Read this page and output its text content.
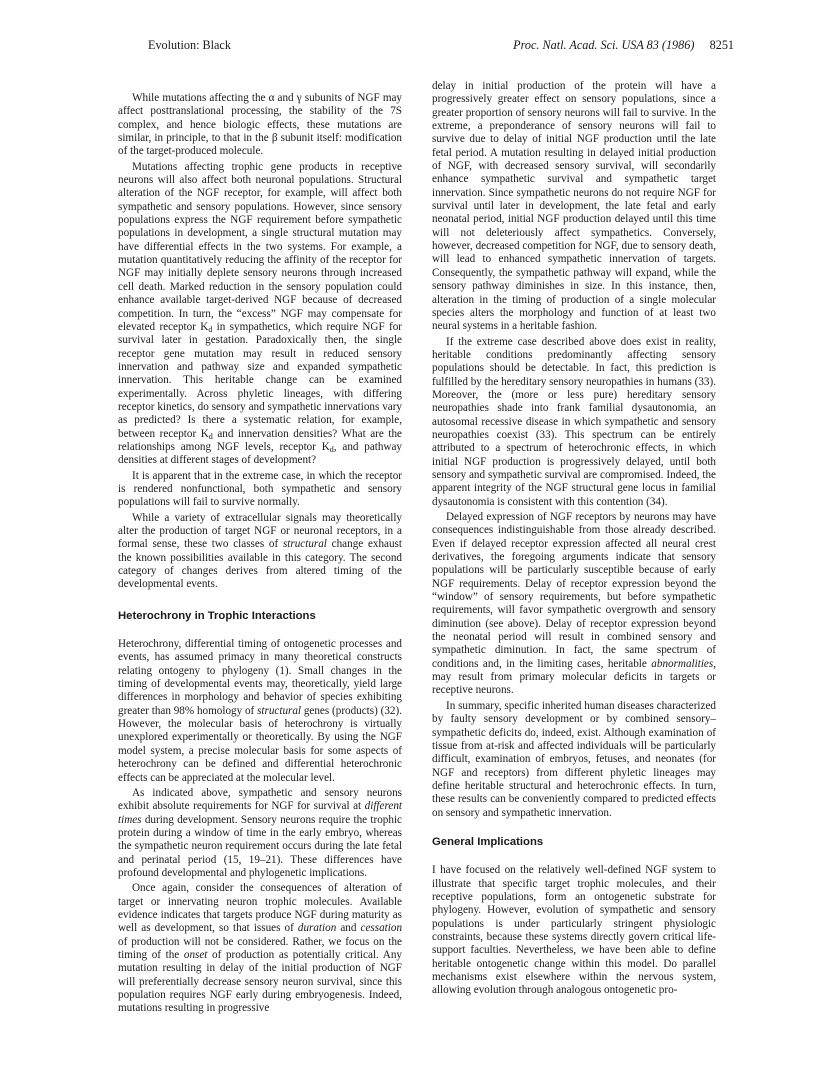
Evolution: Black	Proc. Natl. Acad. Sci. USA 83 (1986) 8251

While mutations affecting the α and γ subunits of NGF may affect posttranslational processing, the stability of the 7S complex, and hence biologic effects, these mutations are similar, in principle, to that in the β subunit itself: modification of the target-produced molecule.

Mutations affecting trophic gene products in receptive neurons will also affect both neuronal populations. Structural alteration of the NGF receptor, for example, will affect both sympathetic and sensory populations. However, since sensory populations express the NGF requirement before sympathetic populations in development, a single structural mutation may have differential effects in the two systems. For example, a mutation quantitatively reducing the affinity of the receptor for NGF may initially deplete sensory neurons through increased cell death. Marked reduction in the sensory population could enhance available target-derived NGF because of decreased competition. In turn, the “excess” NGF may compensate for elevated receptor $K_d$ in sympathetics, which require NGF for survival later in gestation. Paradoxically then, the single receptor gene mutation may result in reduced sensory innervation and pathway size and expanded sympathetic innervation. This heritable change can be examined experimentally. Across phyletic lineages, with differing receptor kinetics, do sensory and sympathetic innervations vary as predicted? Is there a systematic relation, for example, between receptor $K_d$ and innervation densities? What are the relationships among NGF levels, receptor $K_d$, and pathway densities at different stages of development?

It is apparent that in the extreme case, in which the receptor is rendered nonfunctional, both sympathetic and sensory populations will fail to survive normally.

While a variety of extracellular signals may theoretically alter the production of target NGF or neuronal receptors, in a formal sense, these two classes of structural change exhaust the known possibilities available in this category. The second category of changes derives from altered timing of the developmental events.

Heterochrony in Trophic Interactions

Heterochrony, differential timing of ontogenetic processes and events, has assumed primacy in many theoretical constructs relating ontogeny to phylogeny (1). Small changes in the timing of developmental events may, theoretically, yield large differences in morphology and behavior of species exhibiting greater than 98% homology of structural genes (products) (32). However, the molecular basis of heterochrony is virtually unexplored experimentally or theoretically. By using the NGF model system, a precise molecular basis for some aspects of heterochrony can be defined and differential heterochronic effects can be appreciated at the molecular level.

As indicated above, sympathetic and sensory neurons exhibit absolute requirements for NGF for survival at different times during development. Sensory neurons require the trophic protein during a window of time in the early embryo, whereas the sympathetic neuron requirement occurs during the late fetal and perinatal period (15, 19–21). These differences have profound developmental and phylogenetic implications.

Once again, consider the consequences of alteration of target or innervating neuron trophic molecules. Available evidence indicates that targets produce NGF during maturity as well as development, so that issues of duration and cessation of production will not be considered. Rather, we focus on the timing of the onset of production as potentially critical. Any mutation resulting in delay of the initial production of NGF will preferentially decrease sensory neuron survival, since this population requires NGF early during embryogenesis. Indeed, mutations resulting in progressive

delay in initial production of the protein will have a progressively greater effect on sensory populations, since a greater proportion of sensory neurons will fail to survive. In the extreme, a preponderance of sensory neurons will fail to survive due to delay of initial NGF production until the late fetal period. A mutation resulting in delayed initial production of NGF, with decreased sensory survival, will secondarily enhance sympathetic survival and sympathetic target innervation. Since sympathetic neurons do not require NGF for survival until later in development, the late fetal and early neonatal period, initial NGF production delayed until this time will not deleteriously affect sympathetics. Conversely, however, decreased competition for NGF, due to sensory death, will lead to enhanced sympathetic innervation of targets. Consequently, the sympathetic pathway will expand, while the sensory pathway diminishes in size. In this instance, then, alteration in the timing of production of a single molecular species alters the morphology and function of at least two neural systems in a heritable fashion.

If the extreme case described above does exist in reality, heritable conditions predominantly affecting sensory populations should be detectable. In fact, this prediction is fulfilled by the hereditary sensory neuropathies in humans (33). Moreover, the (more or less pure) hereditary sensory neuropathies shade into frank familial dysautonomia, an autosomal recessive disease in which sympathetic and sensory neuropathies coexist (33). This spectrum can be entirely attributed to a spectrum of heterochronic effects, in which initial NGF production is progressively delayed, until both sensory and sympathetic survival are compromised. Indeed, the apparent integrity of the NGF structural gene locus in familial dysautonomia is consistent with this contention (34).

Delayed expression of NGF receptors by neurons may have consequences indistinguishable from those already described. Even if delayed receptor expression affected all neural crest derivatives, the foregoing arguments indicate that sensory populations will be particularly susceptible because of early NGF requirements. Delay of receptor expression beyond the “window” of sensory requirements, but before sympathetic requirements, will favor sympathetic overgrowth and sensory diminution (see above). Delay of receptor expression beyond the neonatal period will result in combined sensory and sympathetic diminution. In fact, the same spectrum of conditions and, in the limiting cases, heritable abnormalities, may result from primary molecular deficits in targets or receptive neurons.

In summary, specific inherited human diseases characterized by faulty sensory development or by combined sensory–sympathetic deficits do, indeed, exist. Although examination of tissue from at-risk and affected individuals will be particularly difficult, examination of embryos, fetuses, and neonates (for NGF and receptors) from different phyletic lineages may define heritable structural and heterochronic effects. In turn, these results can be conveniently compared to predicted effects on sensory and sympathetic innervation.

General Implications

I have focused on the relatively well-defined NGF system to illustrate that specific target trophic molecules, and their receptive populations, form an ontogenetic substrate for phylogeny. However, evolution of sympathetic and sensory populations is under particularly stringent physiologic constraints, because these systems directly govern critical life-support faculties. Nevertheless, we have been able to define heritable ontogenetic change within this model. Do parallel mechanisms exist elsewhere within the nervous system, allowing evolution through analogous ontogenetic pro-
